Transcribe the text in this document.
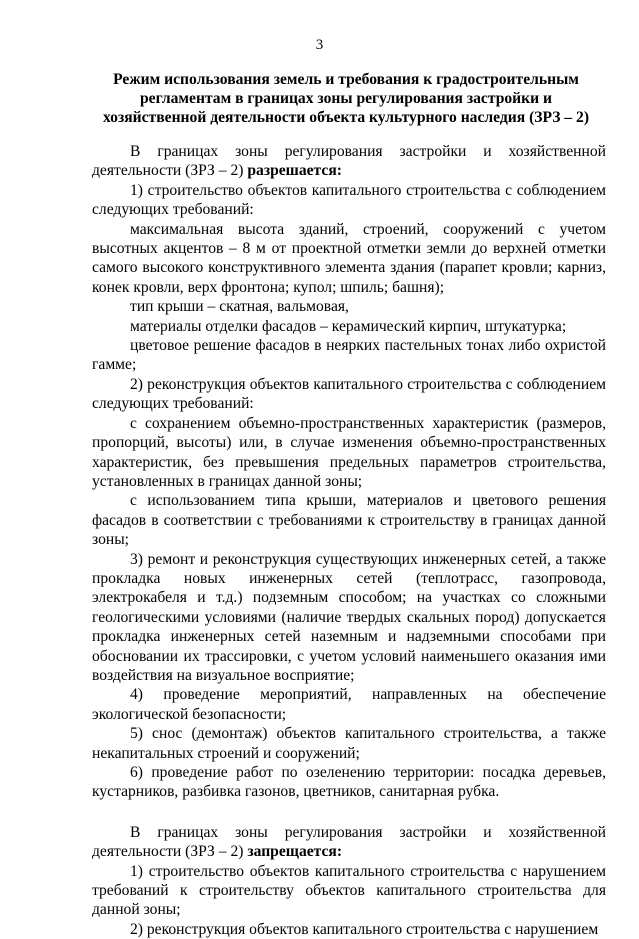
3
Режим использования земель и требования к градостроительным регламентам в границах зоны регулирования застройки и хозяйственной деятельности объекта культурного наследия (ЗРЗ – 2)

В границах зоны регулирования застройки и хозяйственной деятельности (ЗРЗ – 2) разрешается:

1) строительство объектов капитального строительства с соблюдением следующих требований:

максимальная высота зданий, строений, сооружений с учетом высотных акцентов – 8 м от проектной отметки земли до верхней отметки самого высокого конструктивного элемента здания (парапет кровли; карниз, конек кровли, верх фронтона; купол; шпиль; башня);

тип крыши – скатная, вальмовая,

материалы отделки фасадов – керамический кирпич, штукатурка;

цветовое решение фасадов в неярких пастельных тонах либо охристой гамме;

2) реконструкция объектов капитального строительства с соблюдением следующих требований:

с сохранением объемно-пространственных характеристик (размеров, пропорций, высоты) или, в случае изменения объемно-пространственных характеристик, без превышения предельных параметров строительства, установленных в границах данной зоны;

с использованием типа крыши, материалов и цветового решения фасадов в соответствии с требованиями к строительству в границах данной зоны;

3) ремонт и реконструкция существующих инженерных сетей, а также прокладка новых инженерных сетей (теплотрасс, газопровода, электрокабеля и т.д.) подземным способом; на участках со сложными геологическими условиями (наличие твердых скальных пород) допускается прокладка инженерных сетей наземным и надземными способами при обосновании их трассировки, с учетом условий наименьшего оказания ими воздействия на визуальное восприятие;

4) проведение мероприятий, направленных на обеспечение экологической безопасности;

5) снос (демонтаж) объектов капитального строительства, а также некапитальных строений и сооружений;

6) проведение работ по озеленению территории: посадка деревьев, кустарников, разбивка газонов, цветников, санитарная рубка.

В границах зоны регулирования застройки и хозяйственной деятельности (ЗРЗ – 2) запрещается:

1) строительство объектов капитального строительства с нарушением требований к строительству объектов капитального строительства для данной зоны;

2) реконструкция объектов капитального строительства с нарушением
